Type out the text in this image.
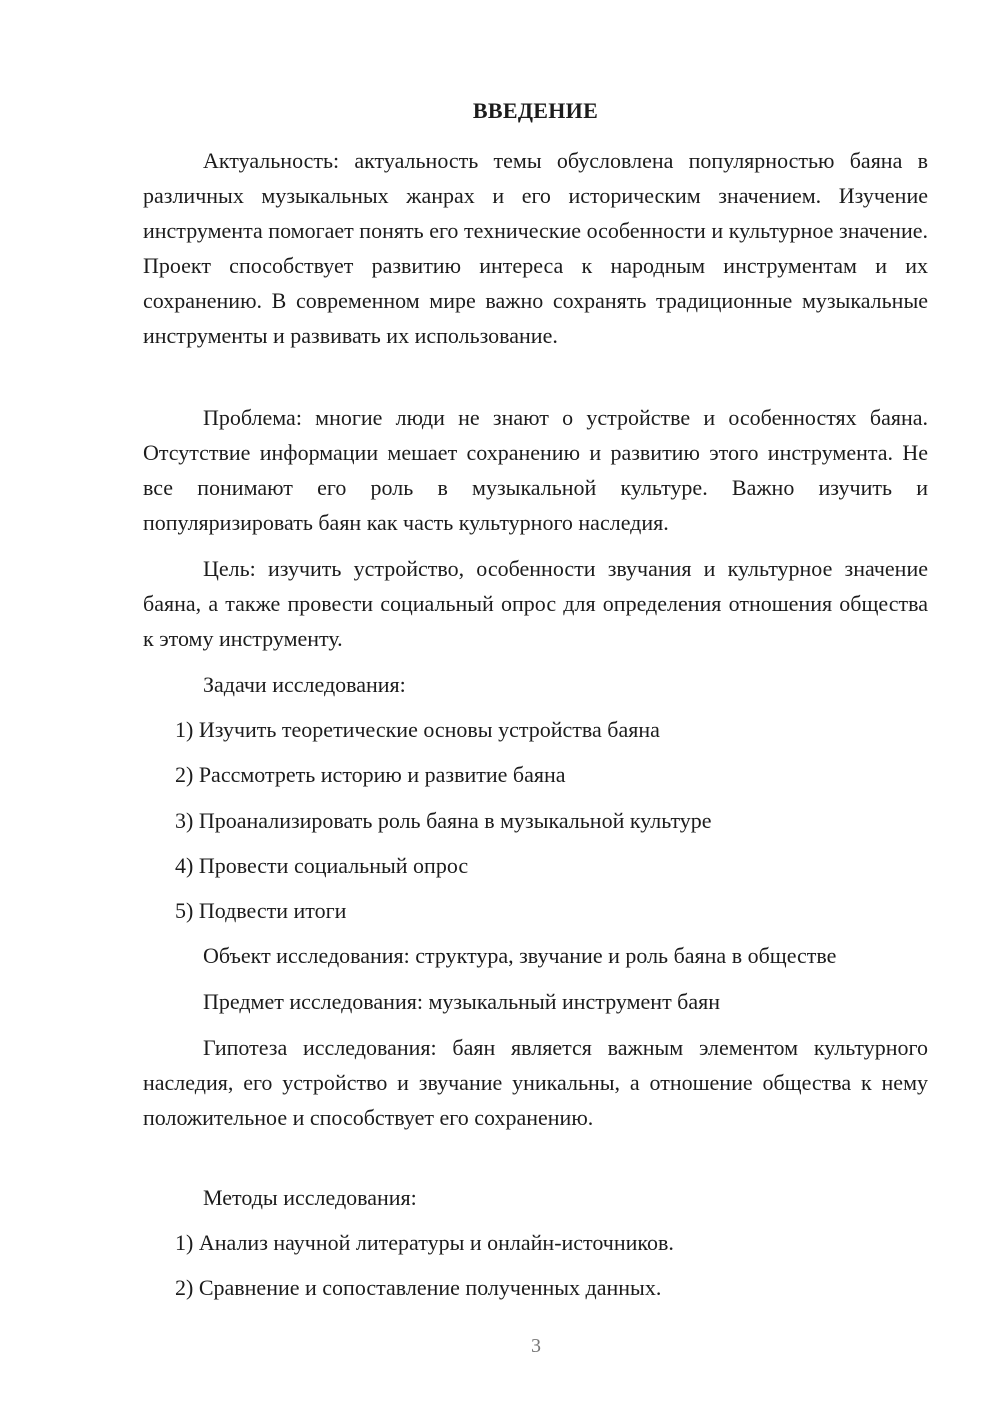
ВВЕДЕНИЕ

Актуальность: актуальность темы обусловлена популярностью баяна в различных музыкальных жанрах и его историческим значением. Изучение инструмента помогает понять его технические особенности и культурное значение. Проект способствует развитию интереса к народным инструментам и их сохранению. В современном мире важно сохранять традиционные музыкальные инструменты и развивать их использование.

Проблема: многие люди не знают о устройстве и особенностях баяна. Отсутствие информации мешает сохранению и развитию этого инструмента. Не все понимают его роль в музыкальной культуре. Важно изучить и популяризировать баян как часть культурного наследия.

Цель: изучить устройство, особенности звучания и культурное значение баяна, а также провести социальный опрос для определения отношения общества к этому инструменту.

Задачи исследования:
1) Изучить теоретические основы устройства баяна
2) Рассмотреть историю и развитие баяна
3) Проанализировать роль баяна в музыкальной культуре
4) Провести социальный опрос
5) Подвести итоги
Объект исследования: структура, звучание и роль баяна в обществе
Предмет исследования: музыкальный инструмент баян

Гипотеза исследования: баян является важным элементом культурного наследия, его устройство и звучание уникальны, а отношение общества к нему положительное и способствует его сохранению.

Методы исследования:
1) Анализ научной литературы и онлайн-источников.
2) Сравнение и сопоставление полученных данных.
3
